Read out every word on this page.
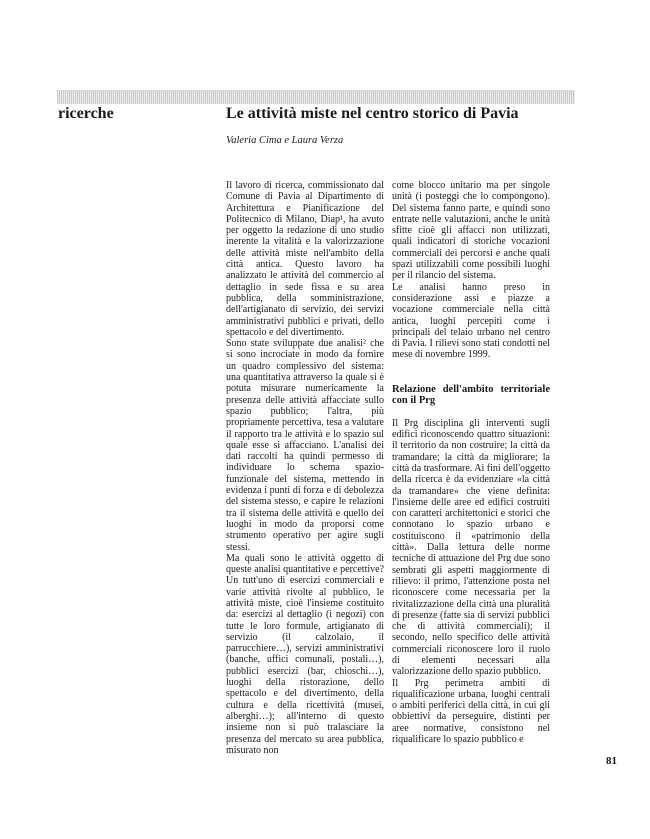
ricerche	Le attività miste nel centro storico di Pavia
Valeria Cima e Laura Verza

Il lavoro di ricerca, commissionato dal Comune di Pavia al Dipartimento di Architettura e Pianificazione del Politecnico di Milano, Diap¹, ha avuto per oggetto la redazione di uno studio inerente la vitalità e la valorizzazione delle attività miste nell'ambito della città antica. Questo lavoro ha analizzato le attività del commercio al dettaglio in sede fissa e su area pubblica, della somministrazione, dell'artigianato di servizio, dei servizi amministrativi pubblici e privati, dello spettacolo e del divertimento.

Sono state sviluppate due analisi² che si sono incrociate in modo da fornire un quadro complessivo del sistema: una quantitativa attraverso la quale si è potuta misurare numericamente la presenza delle attività affacciate sullo spazio pubblico; l'altra, più propriamente percettiva, tesa a valutare il rapporto tra le attività e lo spazio sul quale esse si affacciano. L'analisi dei dati raccolti ha quindi permesso di individuare lo schema spazio-funzionale del sistema, mettendo in evidenza i punti di forza e di debolezza del sistema stesso, e capire le relazioni tra il sistema delle attività e quello dei luoghi in modo da proporsi come strumento operativo per agire sugli stessi.

Ma quali sono le attività oggetto di queste analisi quantitative e percettive? Un tutt'uno di esercizi commerciali e varie attività rivolte al pubblico, le attività miste, cioè l'insieme costituito da: esercizi al dettaglio (i negozi) con tutte le loro formule, artigianato di servizio (il calzolaio, il parrucchiere…), servizi amministrativi (banche, uffici comunali, postali…), pubblici esercizi (bar, chioschi…), luoghi della ristorazione, dello spettacolo e del divertimento, della cultura e della ricettività (musei, alberghi…); all'interno di questo insieme non si può tralasciare la presenza del mercato su area pubblica, misurato non

come blocco unitario ma per singole unità (i posteggi che lo compongono). Del sistema fanno parte, e quindi sono entrate nelle valutazioni, anche le unità sfitte cioè gli affacci non utilizzati, quali indicatori di storiche vocazioni commerciali dei percorsi e anche quali spazi utilizzabili come possibili luoghi per il rilancio del sistema.

Le analisi hanno preso in considerazione assi e piazze a vocazione commerciale nella città antica, luoghi percepiti come i principali del telaio urbano nel centro di Pavia. I rilievi sono stati condotti nel mese di novembre 1999.

Relazione dell'ambito territoriale con il Prg

Il Prg disciplina gli interventi sugli edifici riconoscendo quattro situazioni: il territorio da non costruire; la città da tramandare; la città da migliorare; la città da trasformare. Ai fini dell'oggetto della ricerca è da evidenziare «la città da tramandare» che viene definita: l'insieme delle aree ed edifici costruiti con caratteri architettonici e storici che connotano lo spazio urbano e costituiscono il «patrimonio della città». Dalla lettura delle norme tecniche di attuazione del Prg due sono sembrati gli aspetti maggiormente di rilievo: il primo, l'attenzione posta nel riconoscere come necessaria per la rivitalizzazione della città una pluralità di presenze (fatte sia di servizi pubblici che di attività commerciali); il secondo, nello specifico delle attività commerciali riconoscere loro il ruolo di elementi necessari alla valorizzazione dello spazio pubblico.

Il Prg perimetra ambiti di riqualificazione urbana, luoghi centrali o ambiti periferici della città, in cui gli obbiettivi da perseguire, distinti per aree normative, consistono nel riqualificare lo spazio pubblico e

81
